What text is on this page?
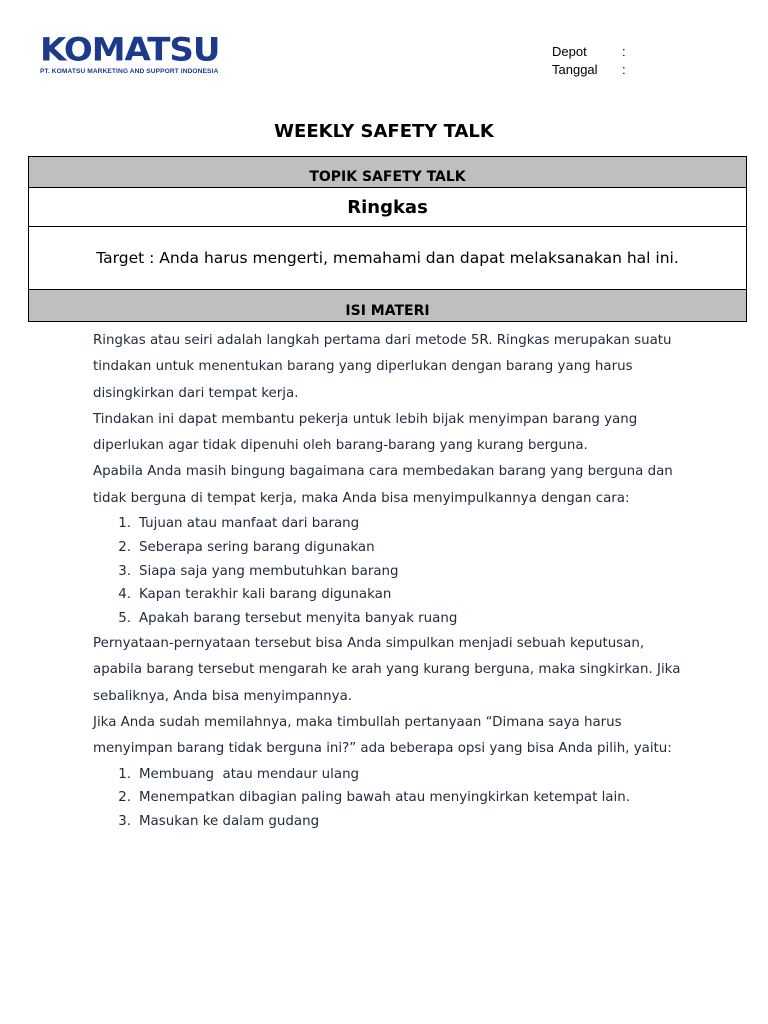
KOMATSU
PT. KOMATSU MARKETING AND SUPPORT INDONESIA
Depot	:
Tanggal	:
WEEKLY SAFETY TALK
TOPIK SAFETY TALK
Ringkas
Target : Anda harus mengerti, memahami dan dapat melaksanakan hal ini.
ISI MATERI

Ringkas atau seiri adalah langkah pertama dari metode 5R. Ringkas merupakan suatu tindakan untuk menentukan barang yang diperlukan dengan barang yang harus disingkirkan dari tempat kerja.

Tindakan ini dapat membantu pekerja untuk lebih bijak menyimpan barang yang diperlukan agar tidak dipenuhi oleh barang-barang yang kurang berguna.

Apabila Anda masih bingung bagaimana cara membedakan barang yang berguna dan tidak berguna di tempat kerja, maka Anda bisa menyimpulkannya dengan cara:

1. Tujuan atau manfaat dari barang
2. Seberapa sering barang digunakan
3. Siapa saja yang membutuhkan barang
4. Kapan terakhir kali barang digunakan
5. Apakah barang tersebut menyita banyak ruang

Pernyataan-pernyataan tersebut bisa Anda simpulkan menjadi sebuah keputusan, apabila barang tersebut mengarah ke arah yang kurang berguna, maka singkirkan. Jika sebaliknya, Anda bisa menyimpannya.

Jika Anda sudah memilahnya, maka timbullah pertanyaan “Dimana saya harus menyimpan barang tidak berguna ini?” ada beberapa opsi yang bisa Anda pilih, yaitu:

1. Membuang  atau mendaur ulang
2. Menempatkan dibagian paling bawah atau menyingkirkan ketempat lain.
3. Masukan ke dalam gudang
